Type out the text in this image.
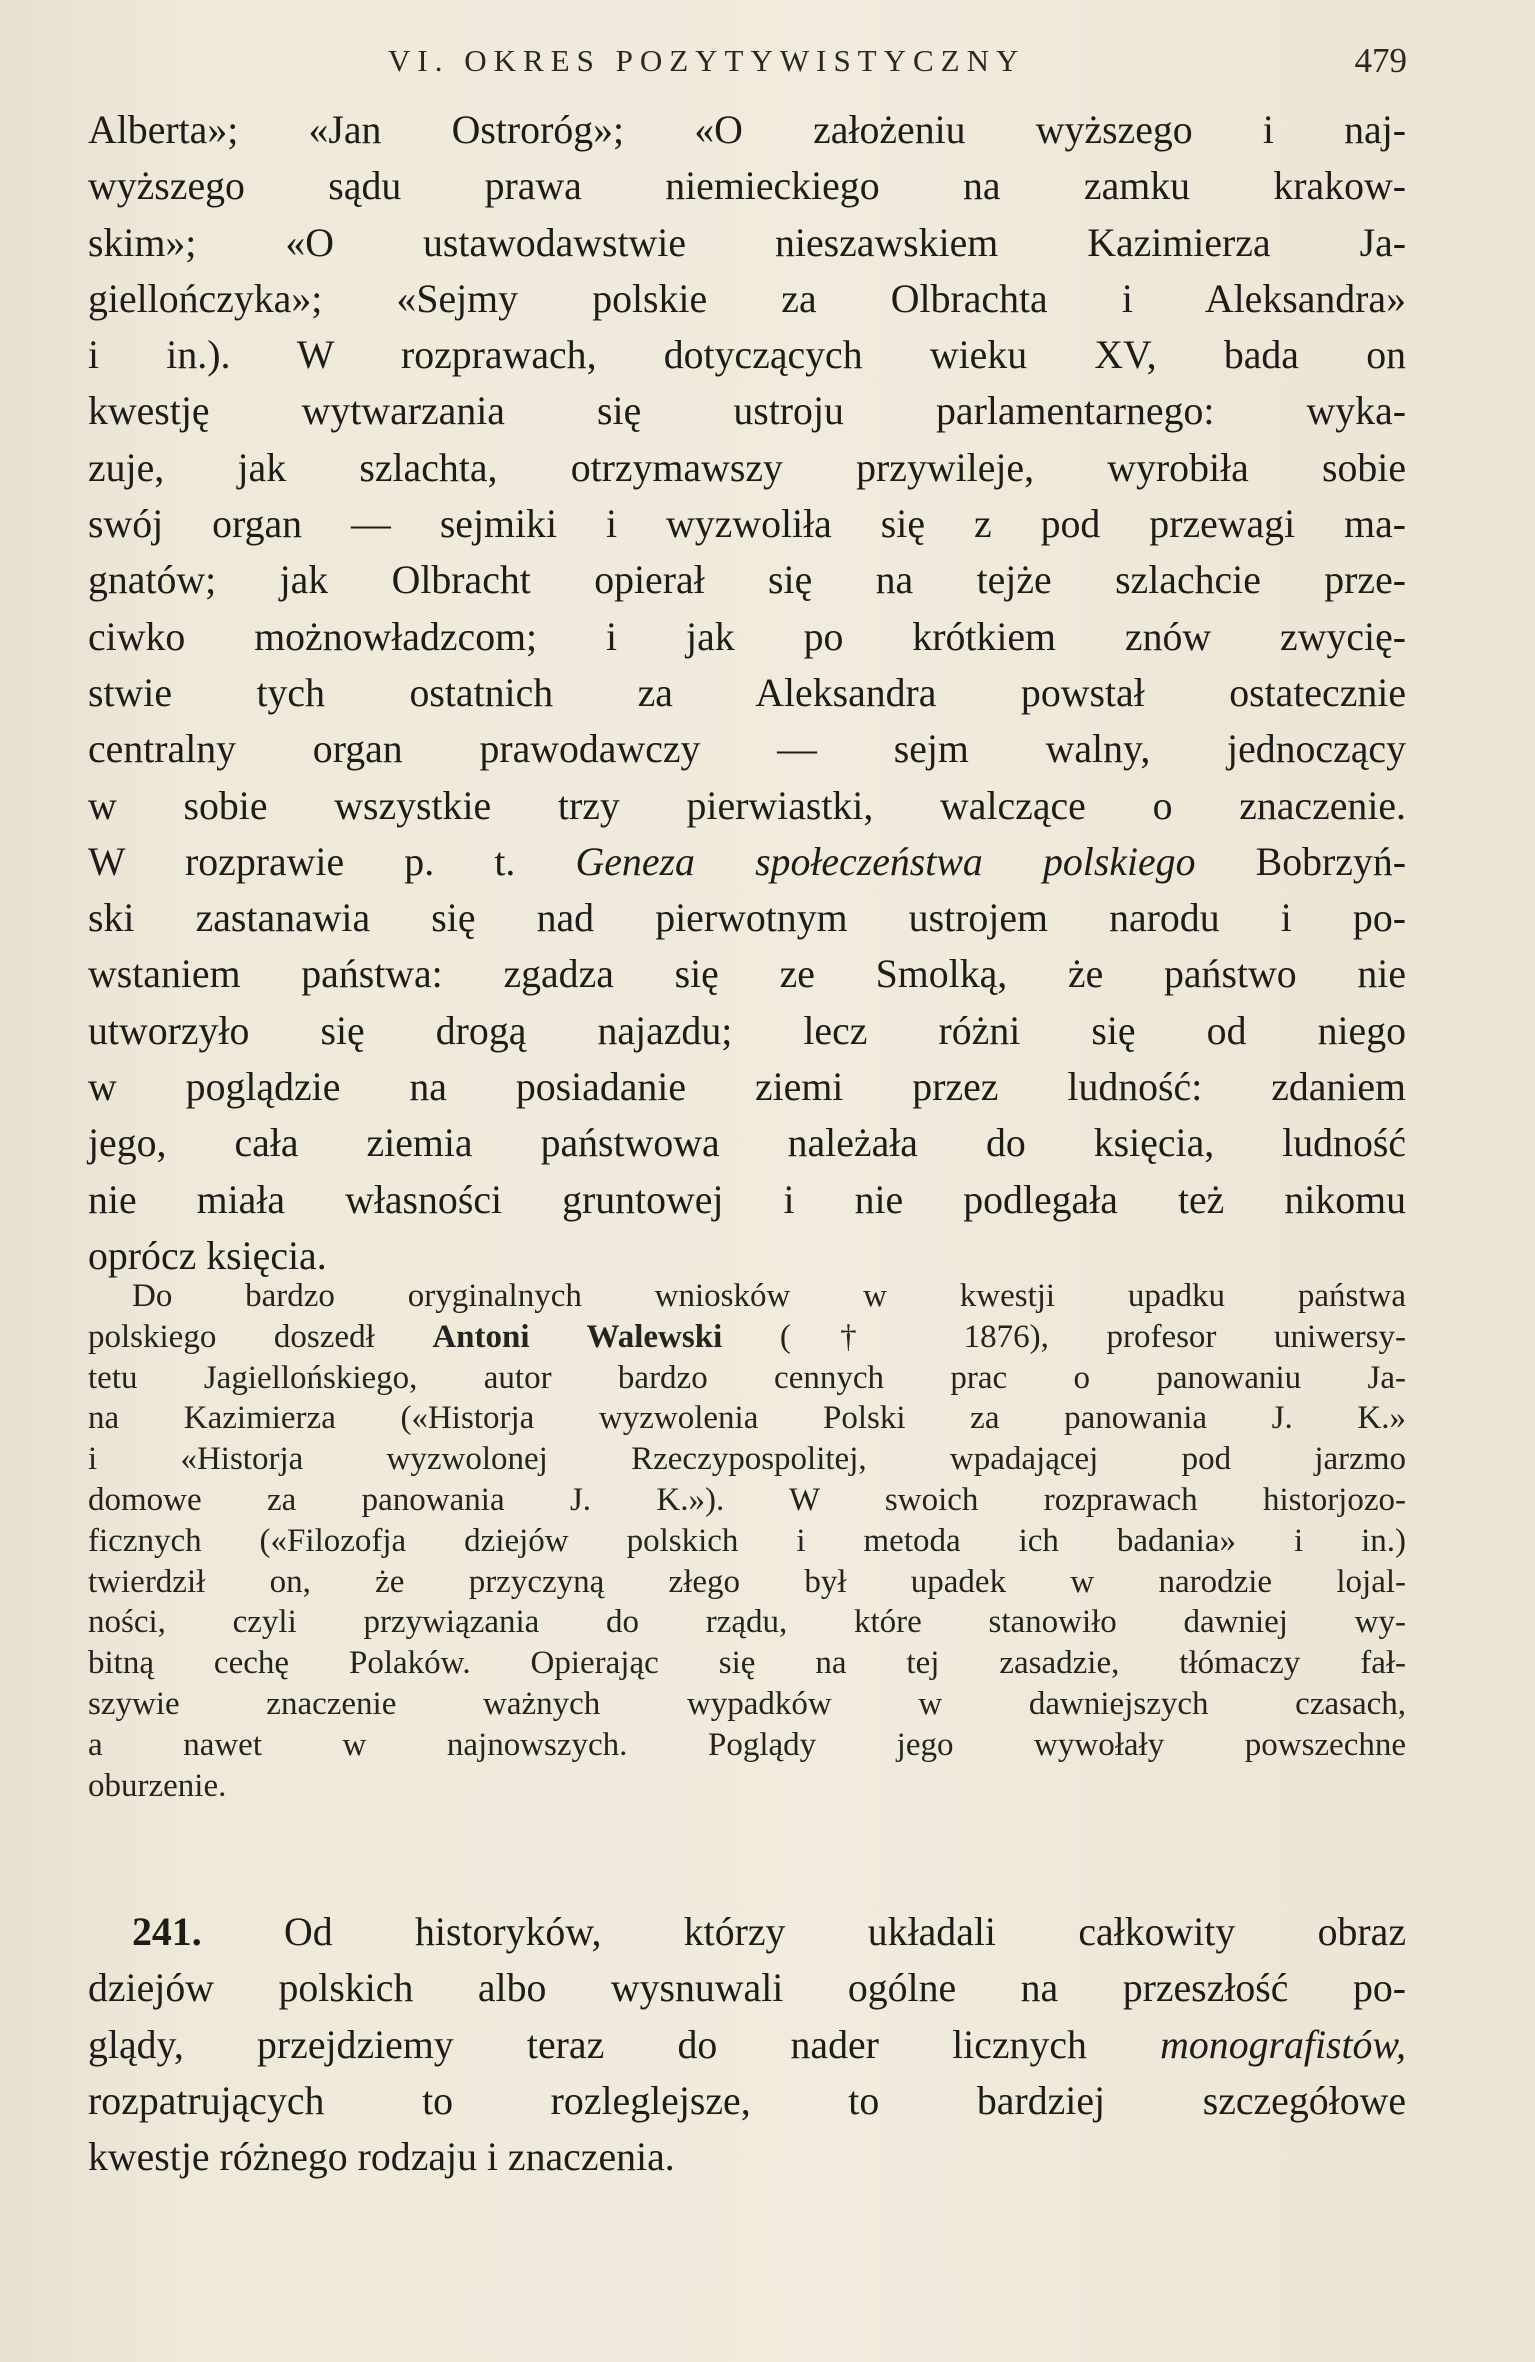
VI. OKRES POZYTYWISTYCZNY	479
Alberta»; «Jan Ostroróg»; «O założeniu wyższego i naj-
wyższego sądu prawa niemieckiego na zamku krakow-
skim»; «O ustawodawstwie nieszawskiem Kazimierza Ja-
giellończyka»; «Sejmy polskie za Olbrachta i Aleksandra»
i in.). W rozprawach, dotyczących wieku XV, bada on
kwestję wytwarzania się ustroju parlamentarnego: wyka-
zuje, jak szlachta, otrzymawszy przywileje, wyrobiła sobie
swój organ — sejmiki i wyzwoliła się z pod przewagi ma-
gnatów; jak Olbracht opierał się na tejże szlachcie prze-
ciwko możnowładzcom; i jak po krótkiem znów zwycię-
stwie tych ostatnich za Aleksandra powstał ostatecznie
centralny organ prawodawczy — sejm walny, jednoczący
w sobie wszystkie trzy pierwiastki, walczące o znaczenie.
W rozprawie p. t. Geneza społeczeństwa polskiego Bobrzyń-
ski zastanawia się nad pierwotnym ustrojem narodu i po-
wstaniem państwa: zgadza się ze Smolką, że państwo nie
utworzyło się drogą najazdu; lecz różni się od niego
w poglądzie na posiadanie ziemi przez ludność: zdaniem
jego, cała ziemia państwowa należała do księcia, ludność
nie miała własności gruntowej i nie podlegała też nikomu
oprócz księcia.
Do bardzo oryginalnych wniosków w kwestji upadku państwa
polskiego doszedł Antoni Walewski († 1876), profesor uniwersy-
tetu Jagiellońskiego, autor bardzo cennych prac o panowaniu Ja-
na Kazimierza («Historja wyzwolenia Polski za panowania J. K.»
i «Historja wyzwolonej Rzeczypospolitej, wpadającej pod jarzmo
domowe za panowania J. K.»). W swoich rozprawach historjozo-
ficznych («Filozofja dziejów polskich i metoda ich badania» i in.)
twierdził on, że przyczyną złego był upadek w narodzie lojal-
ności, czyli przywiązania do rządu, które stanowiło dawniej wy-
bitną cechę Polaków. Opierając się na tej zasadzie, tłómaczy fał-
szywie znaczenie ważnych wypadków w dawniejszych czasach,
a nawet w najnowszych. Poglądy jego wywołały powszechne
oburzenie.
241. Od historyków, którzy układali całkowity obraz
dziejów polskich albo wysnuwali ogólne na przeszłość po-
glądy, przejdziemy teraz do nader licznych monografistów,
rozpatrujących to rozleglejsze, to bardziej szczegółowe
kwestje różnego rodzaju i znaczenia.
